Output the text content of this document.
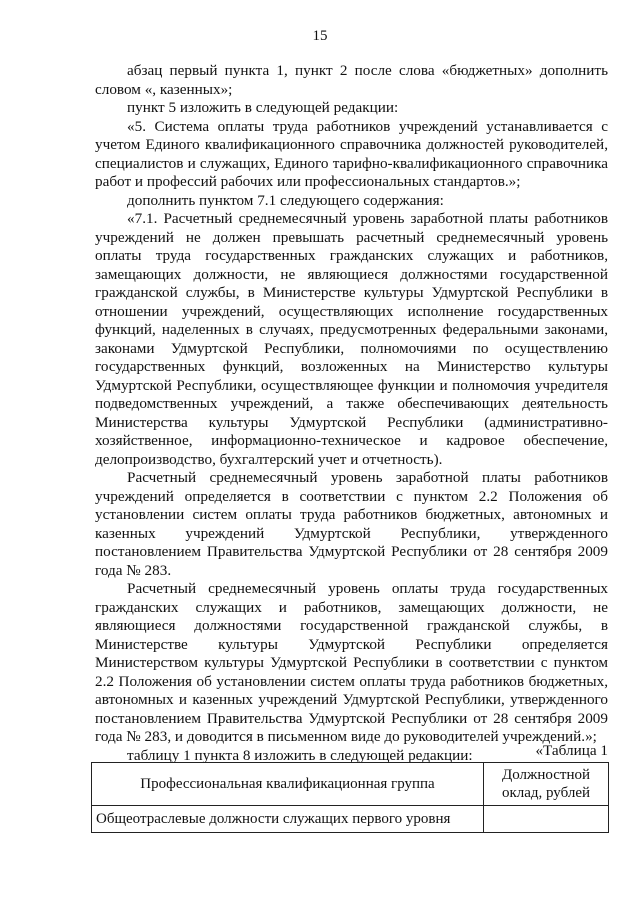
15

абзац первый пункта 1, пункт 2 после слова «бюджетных» дополнить словом «, казенных»;

пункт 5 изложить в следующей редакции:

«5. Система оплаты труда работников учреждений устанавливается с учетом Единого квалификационного справочника должностей руководителей, специалистов и служащих, Единого тарифно-квалификационного справочника работ и профессий рабочих или профессиональных стандартов.»;

дополнить пунктом 7.1 следующего содержания:

«7.1. Расчетный среднемесячный уровень заработной платы работников учреждений не должен превышать расчетный среднемесячный уровень оплаты труда государственных гражданских служащих и работников, замещающих должности, не являющиеся должностями государственной гражданской службы, в Министерстве культуры Удмуртской Республики в отношении учреждений, осуществляющих исполнение государственных функций, наделенных в случаях, предусмотренных федеральными законами, законами Удмуртской Республики, полномочиями по осуществлению государственных функций, возложенных на Министерство культуры Удмуртской Республики, осуществляющее функции и полномочия учредителя подведомственных учреждений, а также обеспечивающих деятельность Министерства культуры Удмуртской Республики (административно-хозяйственное, информационно-техническое и кадровое обеспечение, делопроизводство, бухгалтерский учет и отчетность).

Расчетный среднемесячный уровень заработной платы работников учреждений определяется в соответствии с пунктом 2.2 Положения об установлении систем оплаты труда работников бюджетных, автономных и казенных учреждений Удмуртской Республики, утвержденного постановлением Правительства Удмуртской Республики от 28 сентября 2009 года № 283.

Расчетный среднемесячный уровень оплаты труда государственных гражданских служащих и работников, замещающих должности, не являющиеся должностями государственной гражданской службы, в Министерстве культуры Удмуртской Республики определяется Министерством культуры Удмуртской Республики в соответствии с пунктом 2.2 Положения об установлении систем оплаты труда работников бюджетных, автономных и казенных учреждений Удмуртской Республики, утвержденного постановлением Правительства Удмуртской Республики от 28 сентября 2009 года № 283, и доводится в письменном виде до руководителей учреждений.»;

таблицу 1 пункта 8 изложить в следующей редакции:	«Таблица 1
Профессиональная квалификационная группа	Должностной оклад, рублей
Общеотраслевые должности служащих первого уровня	
